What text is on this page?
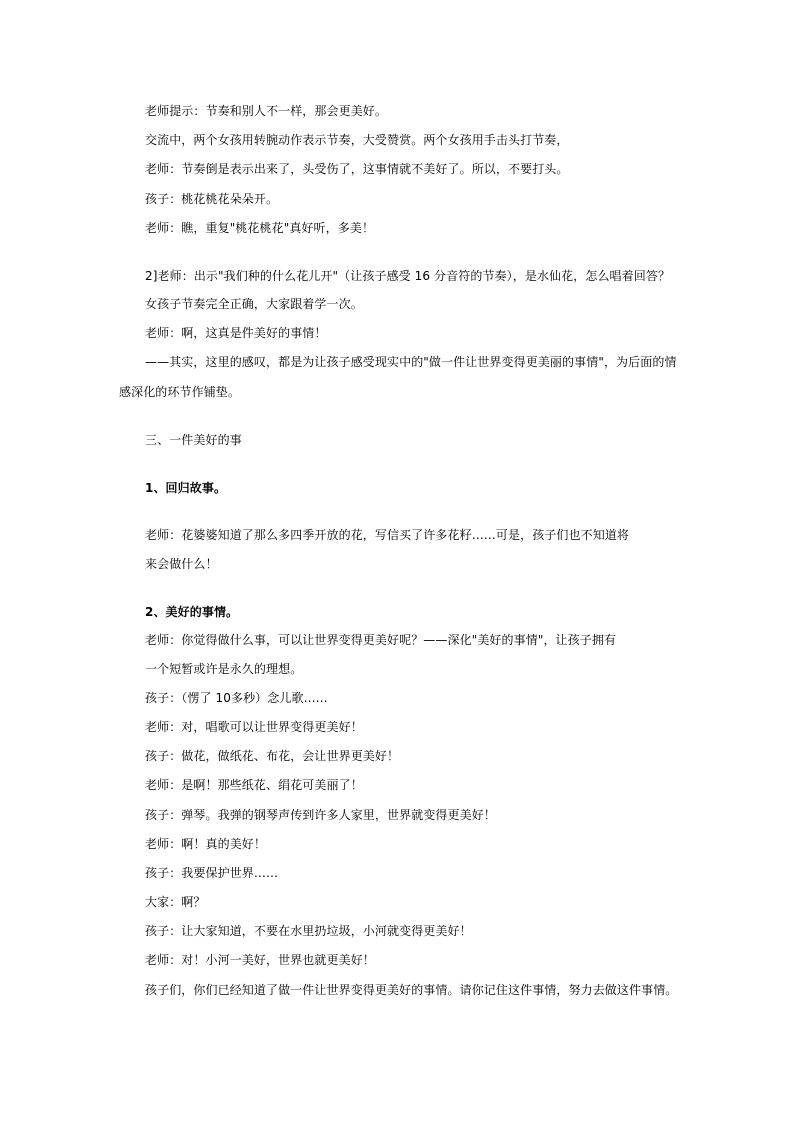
老师提示：节奏和别人不一样，那会更美好。
交流中，两个女孩用转腕动作表示节奏，大受赞赏。两个女孩用手击头打节奏，
老师：节奏倒是表示出来了，头受伤了，这事情就不美好了。所以，不要打头。
孩子：桃花桃花朵朵开。
老师：瞧，重复"桃花桃花"真好听，多美！
2]老师：出示"我们种的什么花儿开"（让孩子感受 16 分音符的节奏），是水仙花，怎么唱着回答？
女孩子节奏完全正确，大家跟着学一次。
老师：啊，这真是件美好的事情！
——其实，这里的感叹，都是为让孩子感受现实中的"做一件让世界变得更美丽的事情"，为后面的情
感深化的环节作铺垫。
三、一件美好的事
1、回归故事。
老师：花婆婆知道了那么多四季开放的花，写信买了许多花籽……可是，孩子们也不知道将
来会做什么！
2、美好的事情。
老师：你觉得做什么事，可以让世界变得更美好呢？——深化"美好的事情"，让孩子拥有
一个短暂或许是永久的理想。
孩子：（愣了 10多秒）念儿歌……
老师：对，唱歌可以让世界变得更美好！
孩子：做花，做纸花、布花，会让世界更美好！
老师：是啊！那些纸花、绢花可美丽了！
孩子：弹琴。我弹的钢琴声传到许多人家里，世界就变得更美好！
老师：啊！真的美好！
孩子：我要保护世界……
大家：啊？
孩子：让大家知道，不要在水里扔垃圾，小河就变得更美好！
老师：对！小河一美好，世界也就更美好！
孩子们，你们已经知道了做一件让世界变得更美好的事情。请你记住这件事情，努力去做这件事情。
